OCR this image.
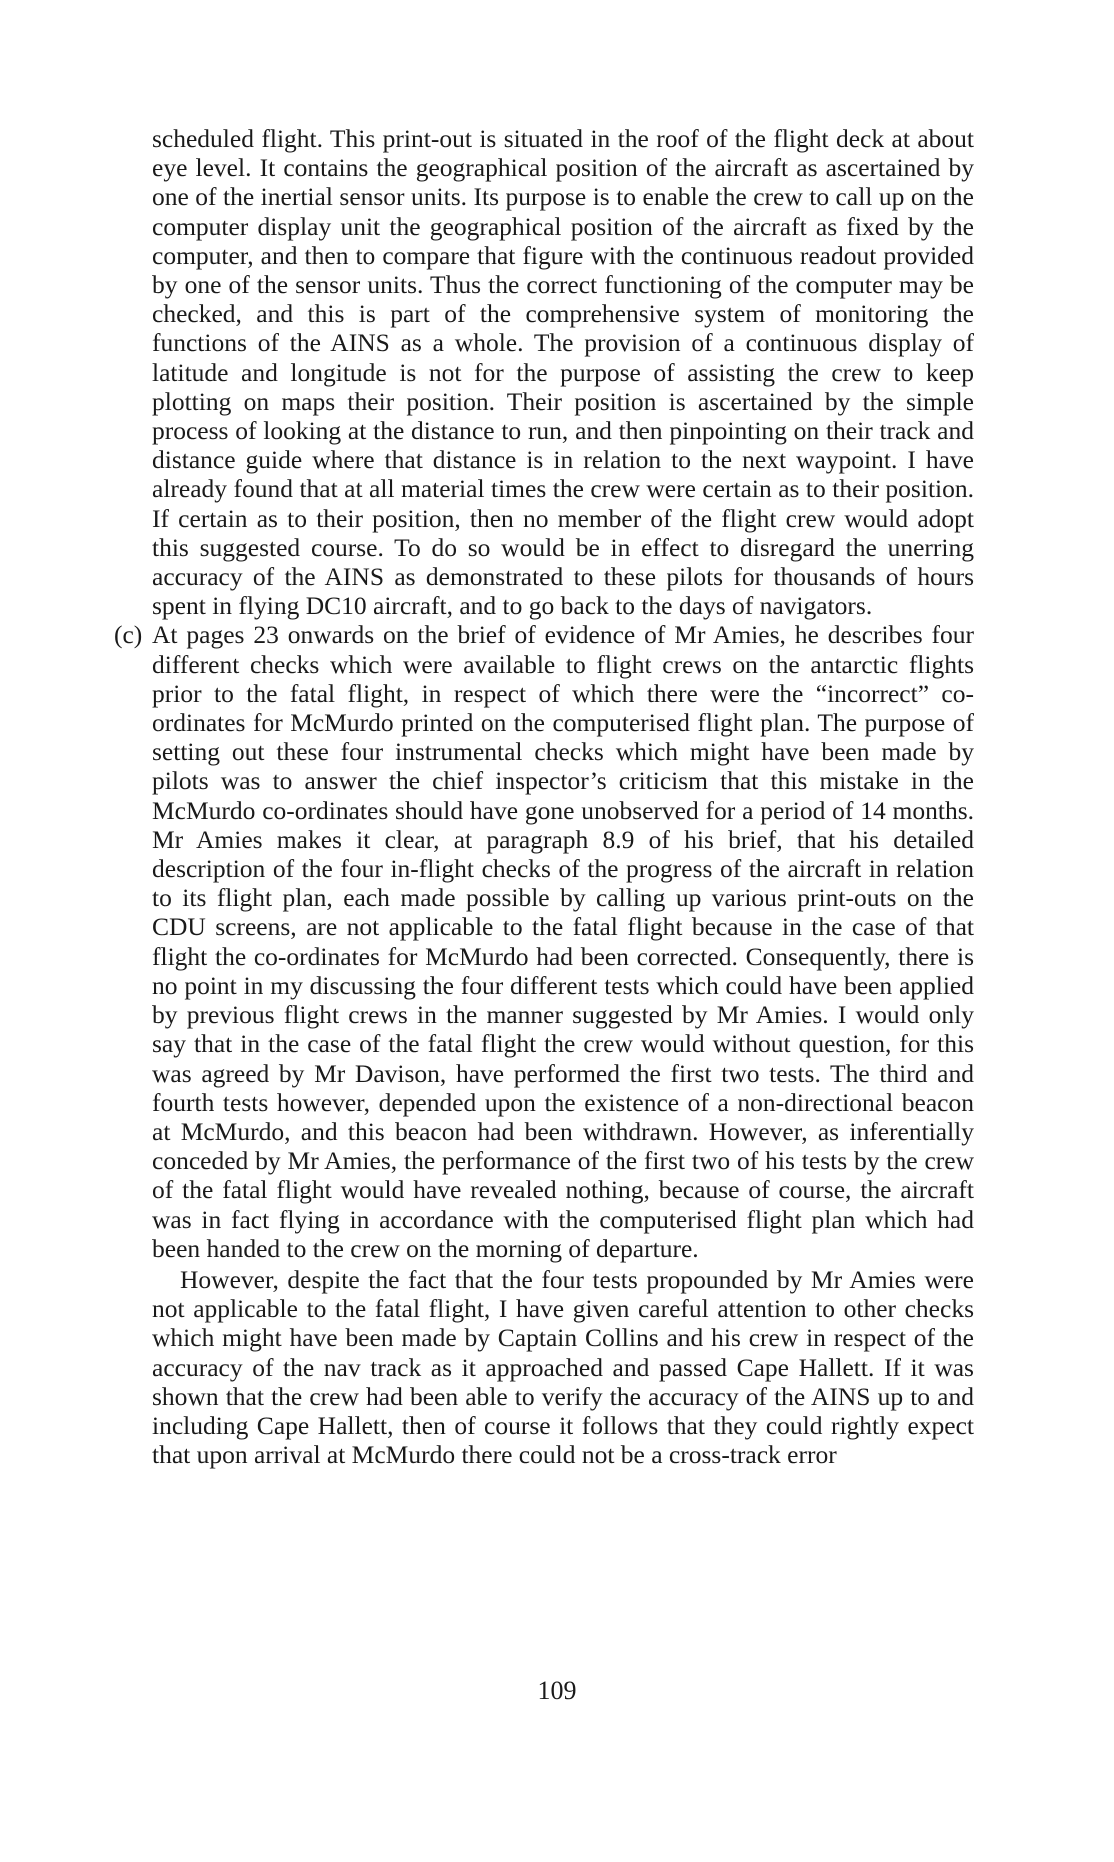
scheduled flight. This print-out is situated in the roof of the flight deck at about eye level. It contains the geographical position of the aircraft as ascertained by one of the inertial sensor units. Its purpose is to enable the crew to call up on the computer display unit the geographical position of the aircraft as fixed by the computer, and then to compare that figure with the continuous readout provided by one of the sensor units. Thus the correct functioning of the computer may be checked, and this is part of the comprehensive system of monitoring the functions of the AINS as a whole. The provision of a continuous display of latitude and longitude is not for the purpose of assisting the crew to keep plotting on maps their position. Their position is ascertained by the simple process of looking at the distance to run, and then pinpointing on their track and distance guide where that distance is in relation to the next waypoint. I have already found that at all material times the crew were certain as to their position. If certain as to their position, then no member of the flight crew would adopt this suggested course. To do so would be in effect to disregard the unerring accuracy of the AINS as demonstrated to these pilots for thousands of hours spent in flying DC10 aircraft, and to go back to the days of navigators.

(c) At pages 23 onwards on the brief of evidence of Mr Amies, he describes four different checks which were available to flight crews on the antarctic flights prior to the fatal flight, in respect of which there were the “incorrect” co-ordinates for McMurdo printed on the computerised flight plan. The purpose of setting out these four instrumental checks which might have been made by pilots was to answer the chief inspector’s criticism that this mistake in the McMurdo co-ordinates should have gone unobserved for a period of 14 months. Mr Amies makes it clear, at paragraph 8.9 of his brief, that his detailed description of the four in-flight checks of the progress of the aircraft in relation to its flight plan, each made possible by calling up various print-outs on the CDU screens, are not applicable to the fatal flight because in the case of that flight the co-ordinates for McMurdo had been corrected. Consequently, there is no point in my discussing the four different tests which could have been applied by previous flight crews in the manner suggested by Mr Amies. I would only say that in the case of the fatal flight the crew would without question, for this was agreed by Mr Davison, have performed the first two tests. The third and fourth tests however, depended upon the existence of a non-directional beacon at McMurdo, and this beacon had been withdrawn. However, as inferentially conceded by Mr Amies, the performance of the first two of his tests by the crew of the fatal flight would have revealed nothing, because of course, the aircraft was in fact flying in accordance with the computerised flight plan which had been handed to the crew on the morning of departure.

However, despite the fact that the four tests propounded by Mr Amies were not applicable to the fatal flight, I have given careful attention to other checks which might have been made by Captain Collins and his crew in respect of the accuracy of the nav track as it approached and passed Cape Hallett. If it was shown that the crew had been able to verify the accuracy of the AINS up to and including Cape Hallett, then of course it follows that they could rightly expect that upon arrival at McMurdo there could not be a cross-track error

109
